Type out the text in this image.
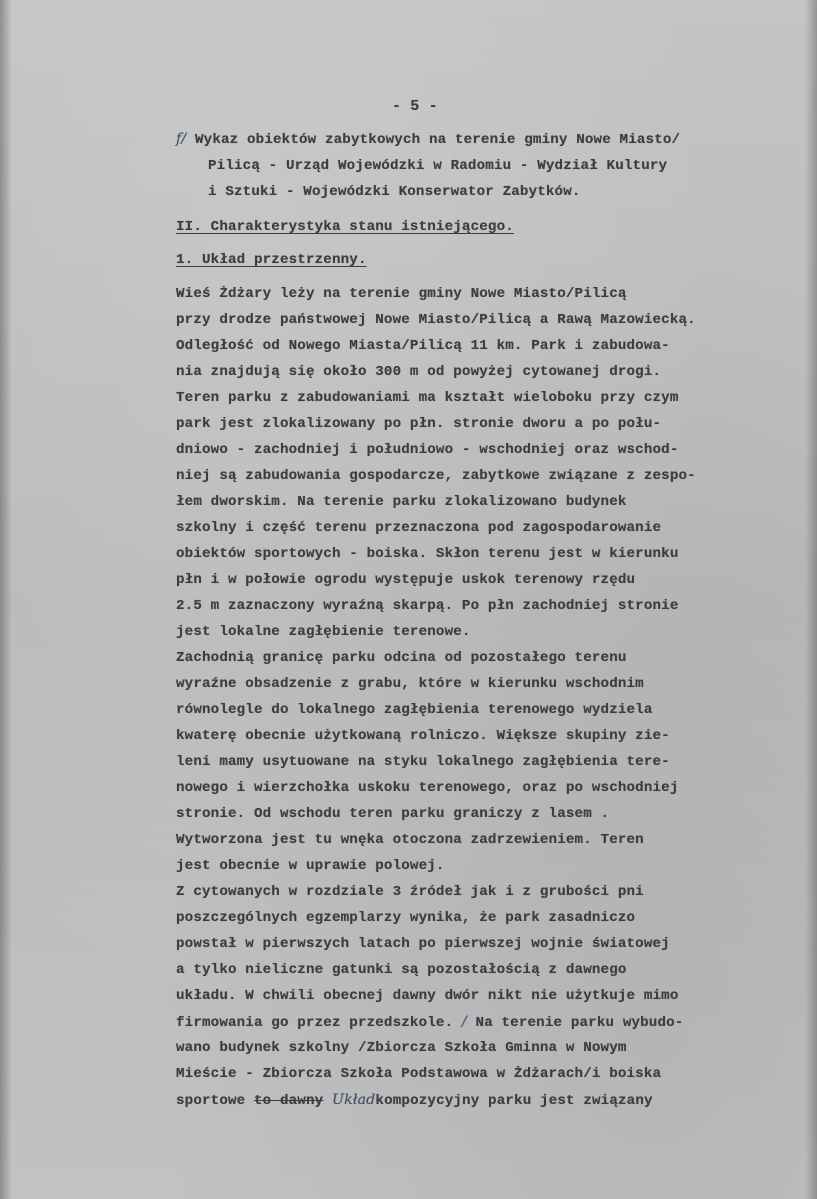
- 5 -
f/ Wykaz obiektów zabytkowych na terenie gminy Nowe Miasto/
Pilicą - Urząd Wojewódzki w Radomiu - Wydział Kultury
i Sztuki - Wojewódzki Konserwator Zabytków.
II. Charakterystyka stanu istniejącego.
1. Układ przestrzenny.
Wieś Żdżary leży na terenie gminy Nowe Miasto/Pilicą
przy drodze państwowej Nowe Miasto/Pilicą a Rawą Mazowiecką.
Odległość od Nowego Miasta/Pilicą 11 km. Park i zabudowa-
nia znajdują się około 300 m od powyżej cytowanej drogi.
Teren parku z zabudowaniami ma kształt wieloboku przy czym
park jest zlokalizowany po płn. stronie dworu a po połu-
dniowo - zachodniej i południowo - wschodniej oraz wschod-
niej są zabudowania gospodarcze, zabytkowe związane z zespo-
łem dworskim. Na terenie parku zlokalizowano budynek
szkolny i część terenu przeznaczona pod zagospodarowanie
obiektów sportowych - boiska. Skłon terenu jest w kierunku
płn i w połowie ogrodu występuje uskok terenowy rzędu
2.5 m zaznaczony wyraźną skarpą. Po płn zachodniej stronie
jest lokalne zagłębienie terenowe.
Zachodnią granicę parku odcina od pozostałego terenu
wyraźne obsadzenie z grabu, które w kierunku wschodnim
równolegle do lokalnego zagłębienia terenowego wydziela
kwaterę obecnie użytkowaną rolniczo. Większe skupiny zie-
leni mamy usytuowane na styku lokalnego zagłębienia tere-
nowego i wierzchołka uskoku terenowego, oraz po wschodniej
stronie. Od wschodu teren parku graniczy z lasem .
Wytworzona jest tu wnęka otoczona zadrzewieniem. Teren
jest obecnie w uprawie polowej.
Z cytowanych w rozdziale 3 źródeł jak i z grubości pni
poszczególnych egzemplarzy wynika, że park zasadniczo
powstał w pierwszych latach po pierwszej wojnie światowej
a tylko nieliczne gatunki są pozostałością z dawnego
układu. W chwili obecnej dawny dwór nikt nie użytkuje mimo
firmowania go przez przedszkole. / Na terenie parku wybudo-
wano budynek szkolny /Zbiorcza Szkoła Gminna w Nowym
Mieście - Zbiorcza Szkoła Podstawowa w Żdżarach/i boiska
sportowe to dawny Układkompozycyjny parku jest związany
